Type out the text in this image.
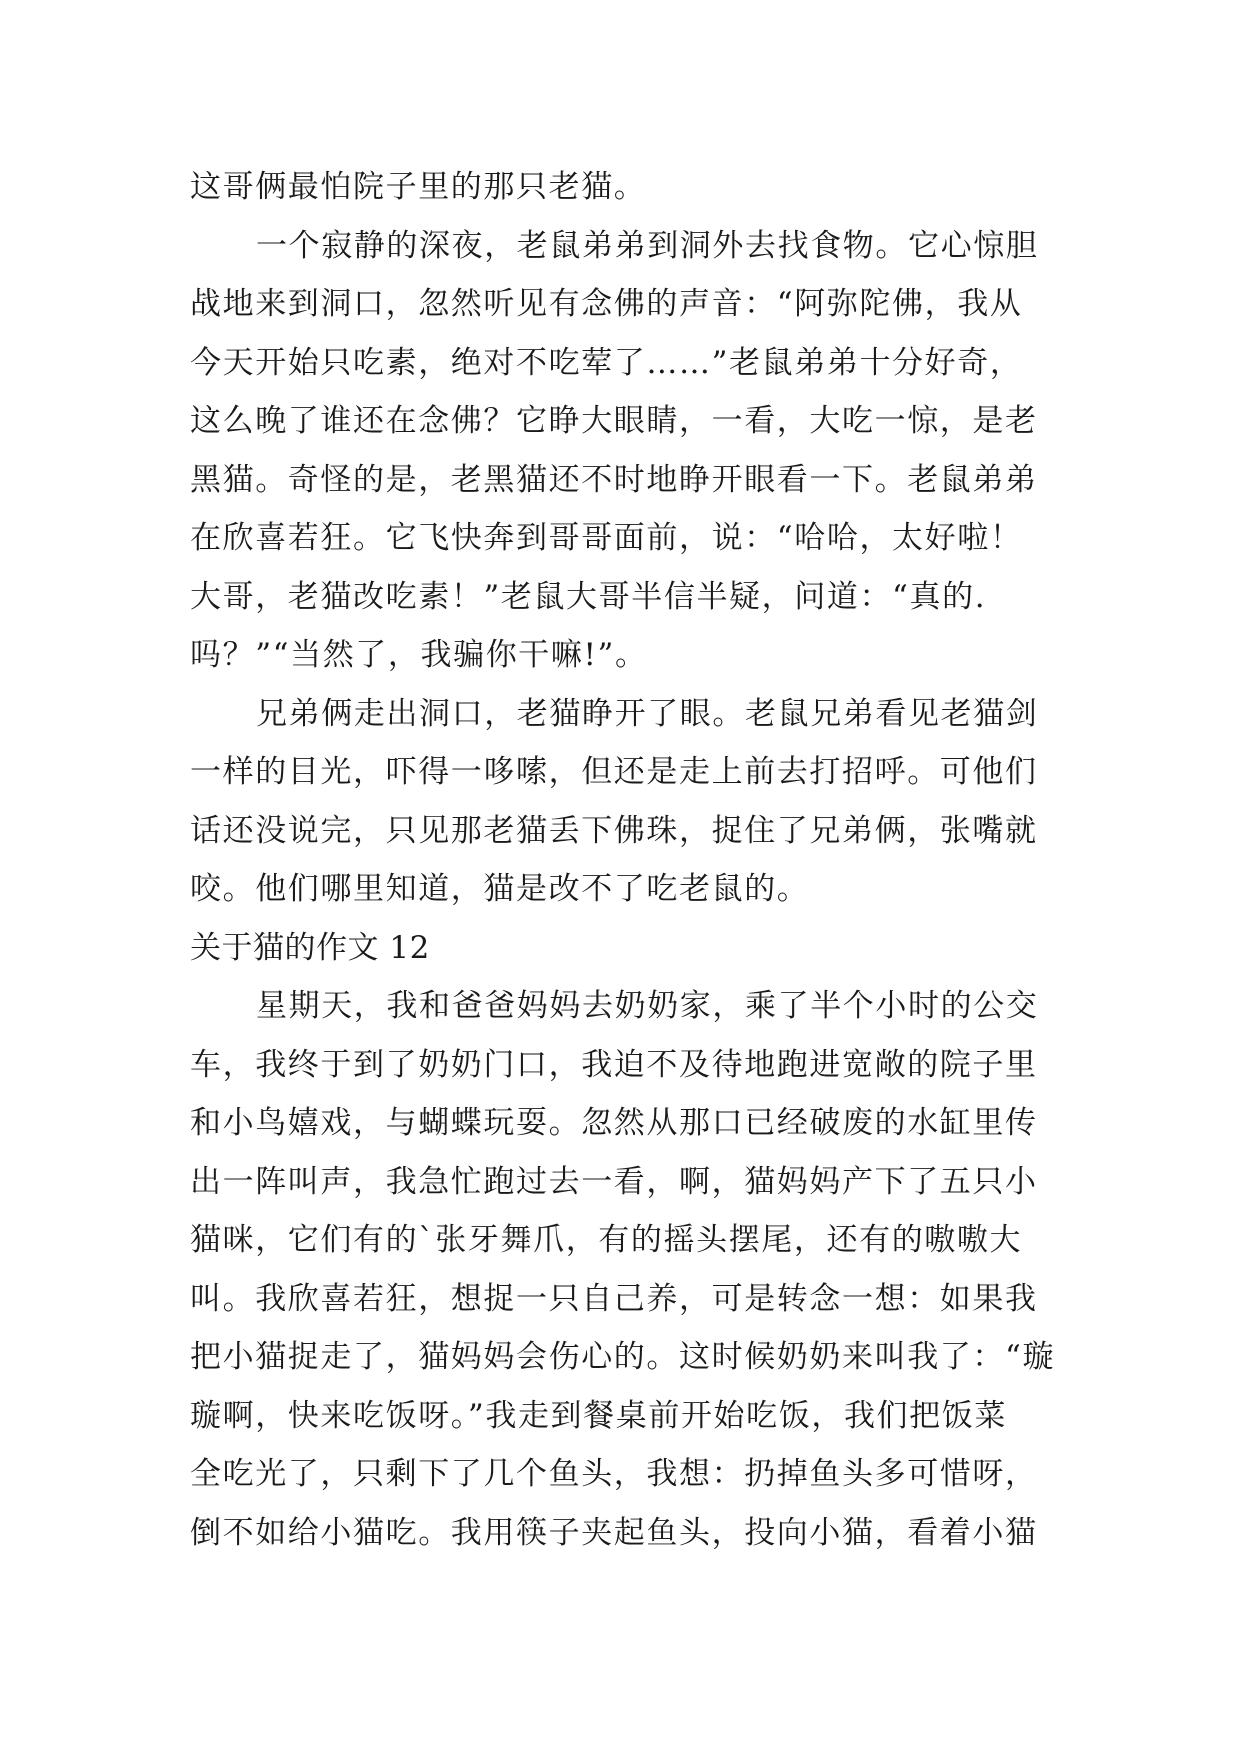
这哥俩最怕院子里的那只老猫。
一个寂静的深夜，老鼠弟弟到洞外去找食物。它心惊胆
战地来到洞口，忽然听见有念佛的声音：“阿弥陀佛，我从
今天开始只吃素，绝对不吃荤了……”老鼠弟弟十分好奇，
这么晚了谁还在念佛？它睁大眼睛，一看，大吃一惊，是老
黑猫。奇怪的是，老黑猫还不时地睁开眼看一下。老鼠弟弟
在欣喜若狂。它飞快奔到哥哥面前，说：“哈哈，太好啦！
大哥，老猫改吃素！”老鼠大哥半信半疑，问道：“真的.
吗？”“当然了，我骗你干嘛!”。
兄弟俩走出洞口，老猫睁开了眼。老鼠兄弟看见老猫剑
一样的目光，吓得一哆嗦，但还是走上前去打招呼。可他们
话还没说完，只见那老猫丢下佛珠，捉住了兄弟俩，张嘴就
咬。他们哪里知道，猫是改不了吃老鼠的。
关于猫的作文 12
星期天，我和爸爸妈妈去奶奶家，乘了半个小时的公交
车，我终于到了奶奶门口，我迫不及待地跑进宽敞的院子里
和小鸟嬉戏，与蝴蝶玩耍。忽然从那口已经破废的水缸里传
出一阵叫声，我急忙跑过去一看，啊，猫妈妈产下了五只小
猫咪，它们有的`张牙舞爪，有的摇头摆尾，还有的嗷嗷大
叫。我欣喜若狂，想捉一只自己养，可是转念一想：如果我
把小猫捉走了，猫妈妈会伤心的。这时候奶奶来叫我了：“璇
璇啊，快来吃饭呀。”我走到餐桌前开始吃饭，我们把饭菜
全吃光了，只剩下了几个鱼头，我想：扔掉鱼头多可惜呀，
倒不如给小猫吃。我用筷子夹起鱼头，投向小猫，看着小猫
